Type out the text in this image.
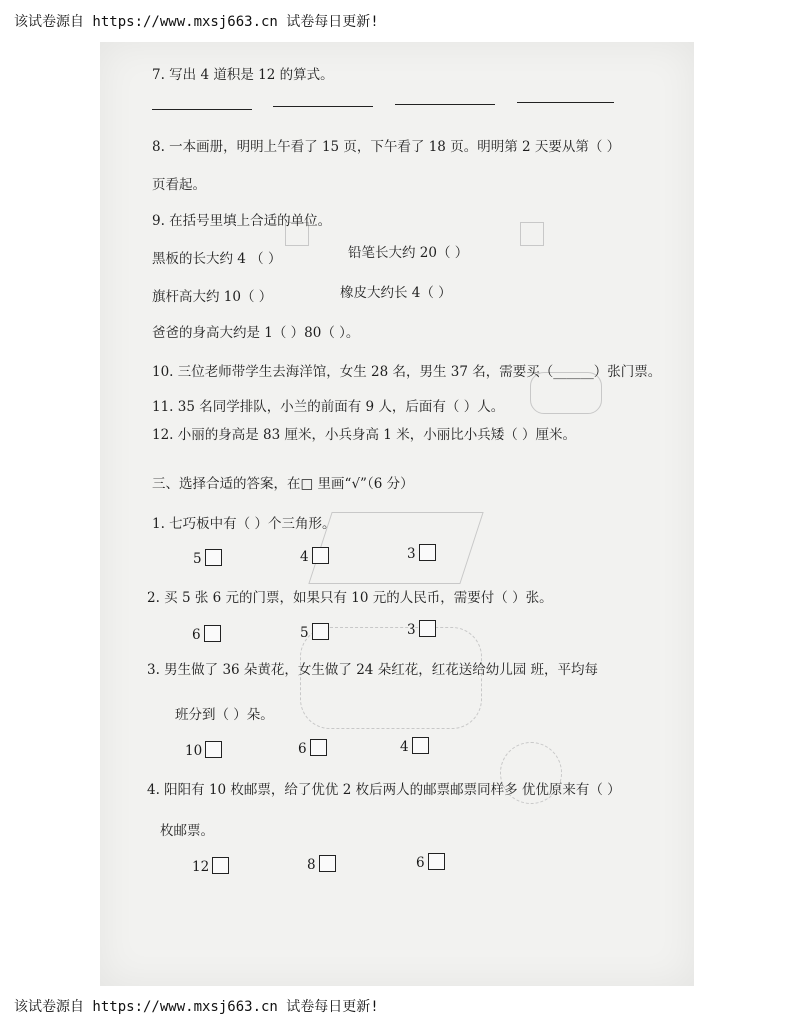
该试卷源自 https://www.mxsj663.cn 试卷每日更新!
7. 写出 4 道积是 12 的算式。
8. 一本画册，明明上午看了 15 页，下午看了 18 页。明明第 2 天要从第（ ）
页看起。
9. 在括号里填上合适的单位。
黑板的长大约 4 （ ）	铅笔长大约 20（ ）
旗杆高大约 10（ ）	橡皮大约长 4（ ）
爸爸的身高大约是 1（ ）80（ ）。
10. 三位老师带学生去海洋馆，女生 28 名，男生 37 名，需要买（______）张门票。
11. 35 名同学排队，小兰的前面有 9 人，后面有（ ）人。
12. 小丽的身高是 83 厘米，小兵身高 1 米，小丽比小兵矮（ ）厘米。
三、选择合适的答案，在□ 里画“√”（6 分）
1. 七巧板中有（ ）个三角形。
5	4	3
2. 买 5 张 6 元的门票，如果只有 10 元的人民币，需要付（ ）张。
6	5	3
3. 男生做了 36 朵黄花，女生做了 24 朵红花，红花送给幼儿园 班，平均每
班分到（ ）朵。
10	6	4
4. 阳阳有 10 枚邮票，给了优优 2 枚后两人的邮票邮票同样多 优优原来有（ ）
枚邮票。
12	8	6
该试卷源自 https://www.mxsj663.cn 试卷每日更新!
